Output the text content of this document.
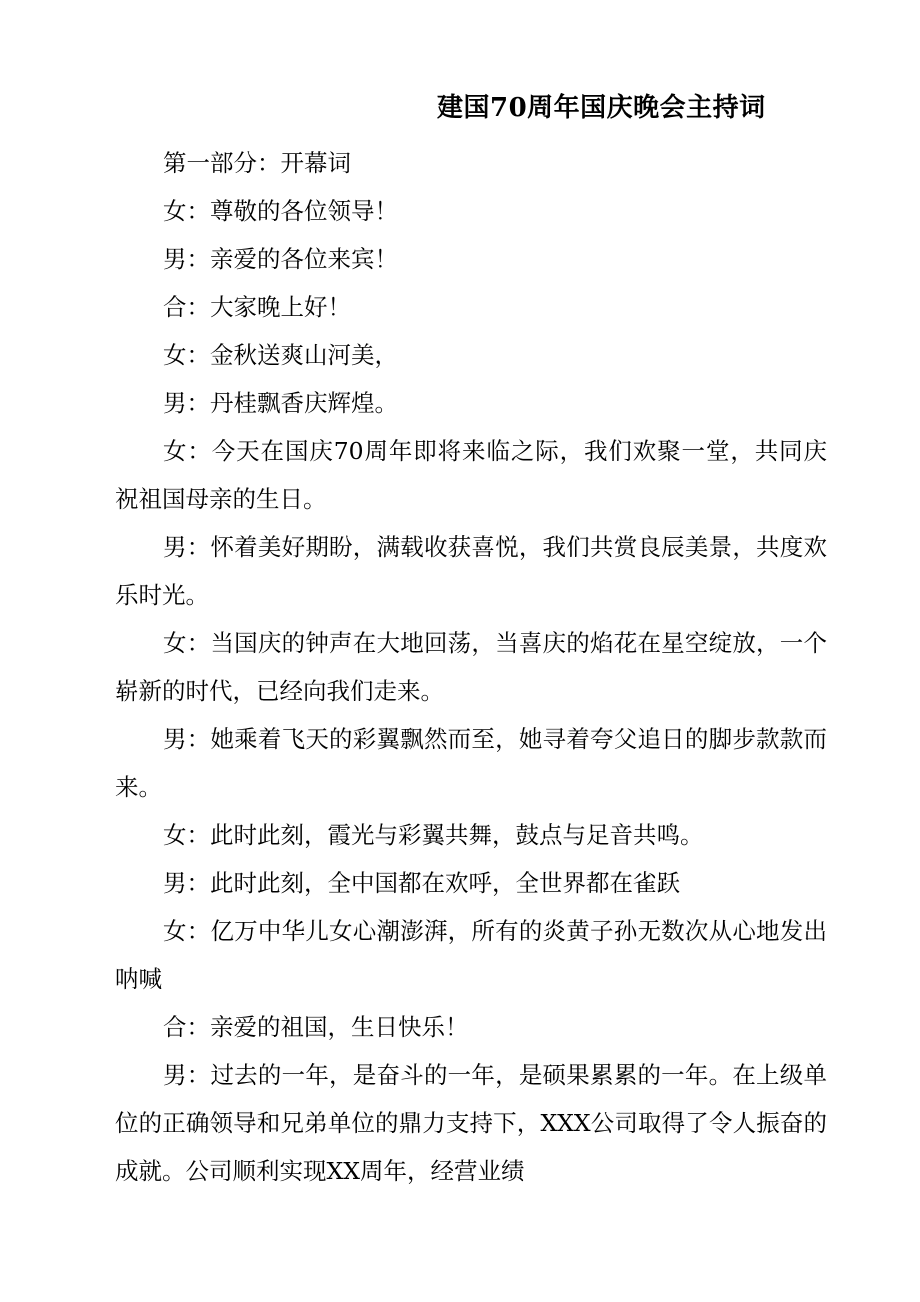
建国70周年国庆晚会主持词

第一部分：开幕词

女：尊敬的各位领导！

男：亲爱的各位来宾！

合：大家晚上好！

女：金秋送爽山河美，

男：丹桂飘香庆辉煌。

女：今天在国庆70周年即将来临之际，我们欢聚一堂，共同庆祝祖国母亲的生日。

男：怀着美好期盼，满载收获喜悦，我们共赏良辰美景，共度欢乐时光。

女：当国庆的钟声在大地回荡，当喜庆的焰花在星空绽放，一个崭新的时代，已经向我们走来。

男：她乘着飞天的彩翼飘然而至，她寻着夸父追日的脚步款款而来。

女：此时此刻，霞光与彩翼共舞，鼓点与足音共鸣。

男：此时此刻，全中国都在欢呼，全世界都在雀跃

女：亿万中华儿女心潮澎湃，所有的炎黄子孙无数次从心地发出呐喊

合：亲爱的祖国，生日快乐！

男：过去的一年，是奋斗的一年，是硕果累累的一年。在上级单位的正确领导和兄弟单位的鼎力支持下，XXX公司取得了令人振奋的成就。公司顺利实现XX周年，经营业绩
